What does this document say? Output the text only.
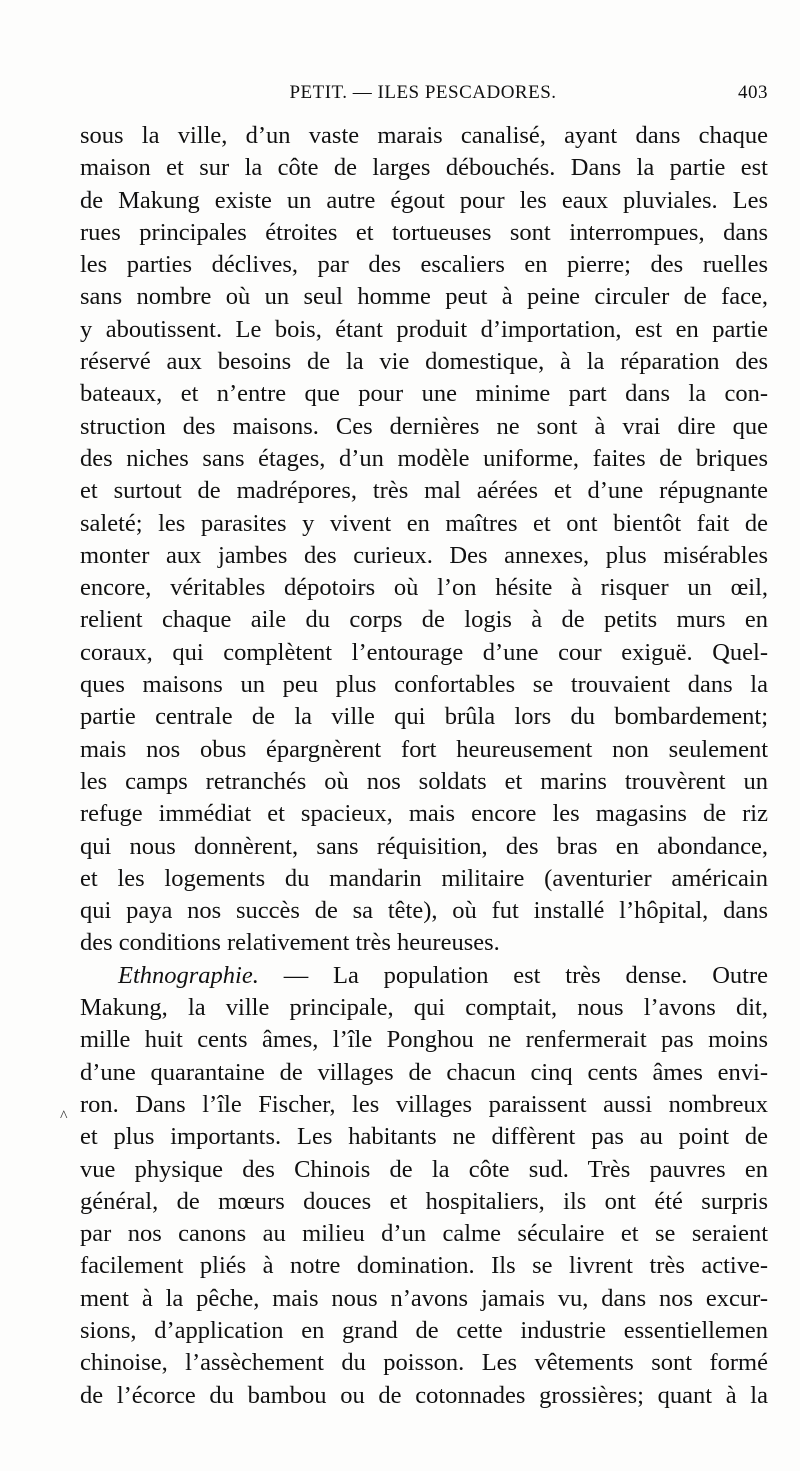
PETIT. — ILES PESCADORES.	403
^
sous la ville, d’un vaste marais canalisé, ayant dans chaque
maison et sur la côte de larges débouchés. Dans la partie est
de Makung existe un autre égout pour les eaux pluviales. Les
rues principales étroites et tortueuses sont interrompues, dans
les parties déclives, par des escaliers en pierre; des ruelles
sans nombre où un seul homme peut à peine circuler de face,
y aboutissent. Le bois, étant produit d’importation, est en partie
réservé aux besoins de la vie domestique, à la réparation des
bateaux, et n’entre que pour une minime part dans la con-
struction des maisons. Ces dernières ne sont à vrai dire que
des niches sans étages, d’un modèle uniforme, faites de briques
et surtout de madrépores, très mal aérées et d’une répugnante
saleté; les parasites y vivent en maîtres et ont bientôt fait de
monter aux jambes des curieux. Des annexes, plus misérables
encore, véritables dépotoirs où l’on hésite à risquer un œil,
relient chaque aile du corps de logis à de petits murs en
coraux, qui complètent l’entourage d’une cour exiguë. Quel-
ques maisons un peu plus confortables se trouvaient dans la
partie centrale de la ville qui brûla lors du bombardement;
mais nos obus épargnèrent fort heureusement non seulement
les camps retranchés où nos soldats et marins trouvèrent un
refuge immédiat et spacieux, mais encore les magasins de riz
qui nous donnèrent, sans réquisition, des bras en abondance,
et les logements du mandarin militaire (aventurier américain
qui paya nos succès de sa tête), où fut installé l’hôpital, dans
des conditions relativement très heureuses.
Ethnographie. — La population est très dense. Outre
Makung, la ville principale, qui comptait, nous l’avons dit,
mille huit cents âmes, l’île Ponghou ne renfermerait pas moins
d’une quarantaine de villages de chacun cinq cents âmes envi-
ron. Dans l’île Fischer, les villages paraissent aussi nombreux
et plus importants. Les habitants ne diffèrent pas au point de
vue physique des Chinois de la côte sud. Très pauvres en
général, de mœurs douces et hospitaliers, ils ont été surpris
par nos canons au milieu d’un calme séculaire et se seraient
facilement pliés à notre domination. Ils se livrent très active-
ment à la pêche, mais nous n’avons jamais vu, dans nos excur-
sions, d’application en grand de cette industrie essentiellemen
chinoise, l’assèchement du poisson. Les vêtements sont formé
de l’écorce du bambou ou de cotonnades grossières; quant à la
